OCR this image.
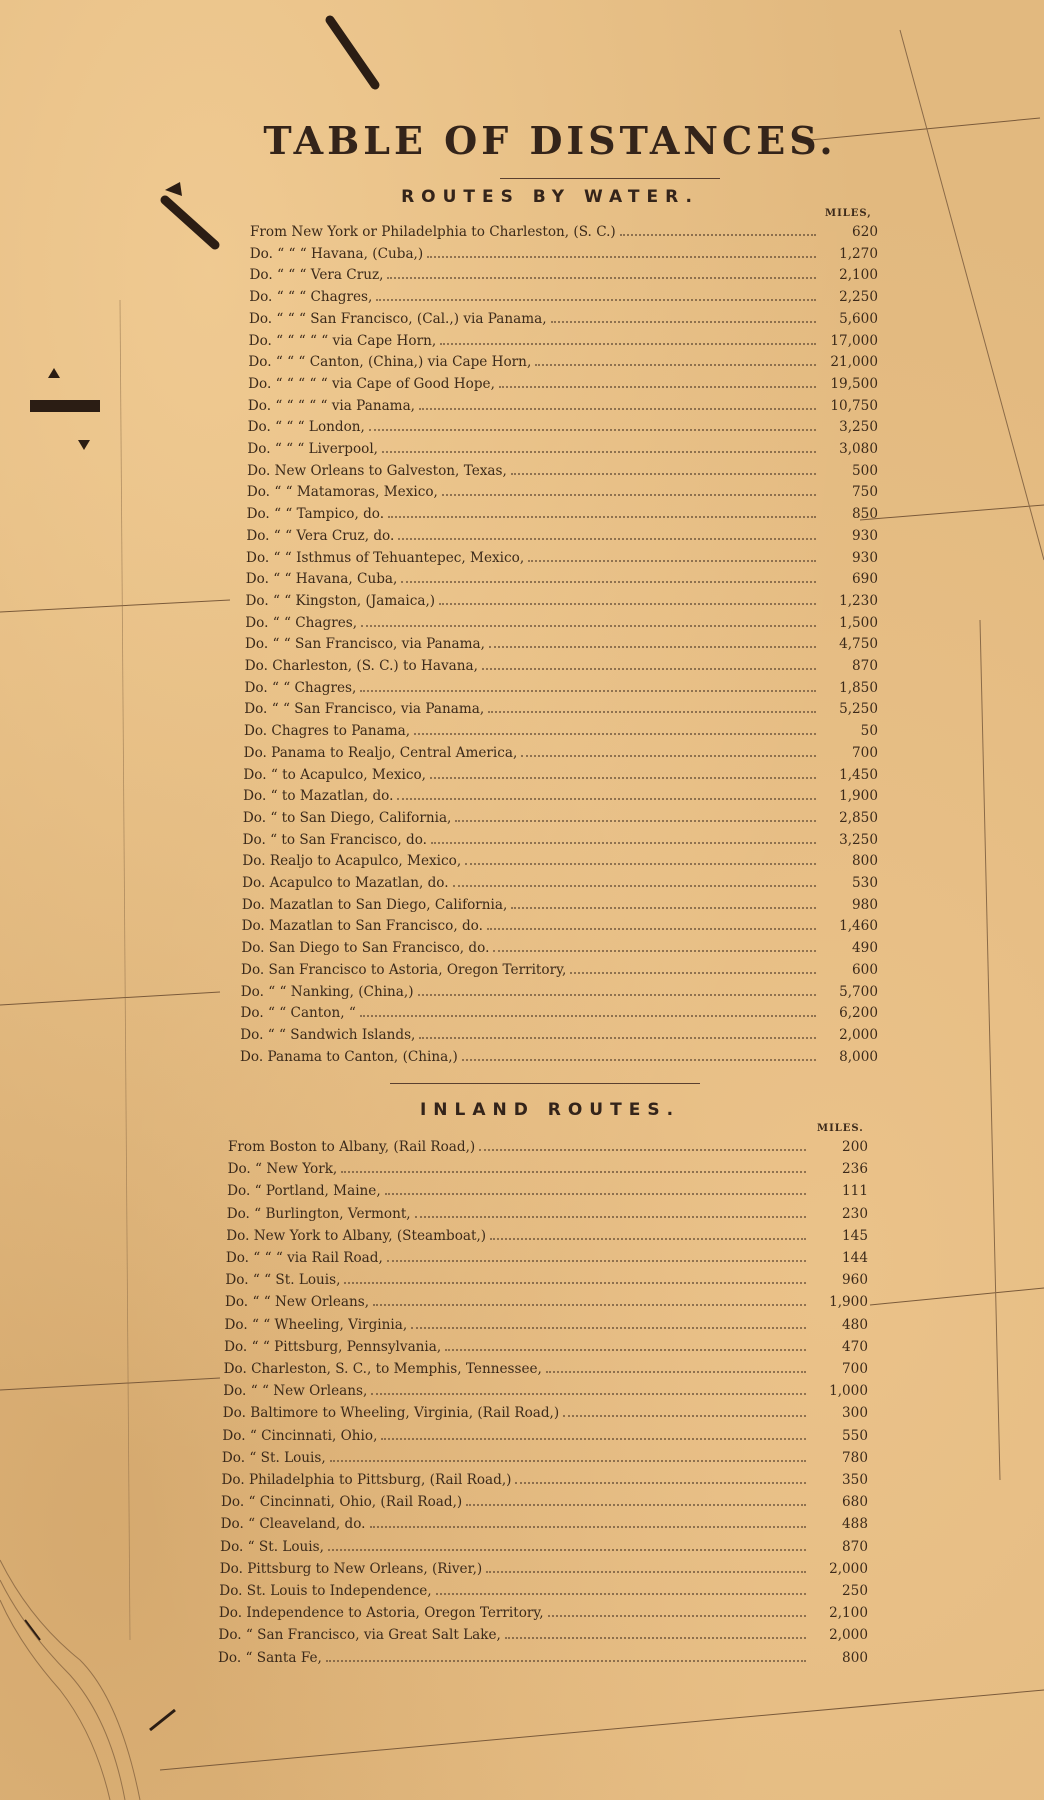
TABLE OF DISTANCES.
ROUTES BY WATER.
MILES,
From New York or Philadelphia to Charleston, (S. C.)	620
Do. “ “ “ Havana, (Cuba,)	1,270
Do. “ “ “ Vera Cruz,	2,100
Do. “ “ “ Chagres,	2,250
Do. “ “ “ San Francisco, (Cal.,) via Panama,	5,600
Do. “ “ “ “ “ via Cape Horn,	17,000
Do. “ “ “ Canton, (China,) via Cape Horn,	21,000
Do. “ “ “ “ “ via Cape of Good Hope,	19,500
Do. “ “ “ “ “ via Panama,	10,750
Do. “ “ “ London,	3,250
Do. “ “ “ Liverpool,	3,080
Do. New Orleans to Galveston, Texas,	500
Do. “ “ Matamoras, Mexico,	750
Do. “ “ Tampico, do.	850
Do. “ “ Vera Cruz, do.	930
Do. “ “ Isthmus of Tehuantepec, Mexico,	930
Do. “ “ Havana, Cuba,	690
Do. “ “ Kingston, (Jamaica,)	1,230
Do. “ “ Chagres,	1,500
Do. “ “ San Francisco, via Panama,	4,750
Do. Charleston, (S. C.) to Havana,	870
Do. “ “ Chagres,	1,850
Do. “ “ San Francisco, via Panama,	5,250
Do. Chagres to Panama,	50
Do. Panama to Realjo, Central America,	700
Do. “ to Acapulco, Mexico,	1,450
Do. “ to Mazatlan, do.	1,900
Do. “ to San Diego, California,	2,850
Do. “ to San Francisco, do.	3,250
Do. Realjo to Acapulco, Mexico,	800
Do. Acapulco to Mazatlan, do.	530
Do. Mazatlan to San Diego, California,	980
Do. Mazatlan to San Francisco, do.	1,460
Do. San Diego to San Francisco, do.	490
Do. San Francisco to Astoria, Oregon Territory,	600
Do. “ “ Nanking, (China,)	5,700
Do. “ “ Canton, “	6,200
Do. “ “ Sandwich Islands,	2,000
Do. Panama to Canton, (China,)	8,000
INLAND ROUTES.
MILES.
From Boston to Albany, (Rail Road,)	200
Do. “ New York,	236
Do. “ Portland, Maine,	111
Do. “ Burlington, Vermont,	230
Do. New York to Albany, (Steamboat,)	145
Do. “ “ “ via Rail Road,	144
Do. “ “ St. Louis,	960
Do. “ “ New Orleans,	1,900
Do. “ “ Wheeling, Virginia,	480
Do. “ “ Pittsburg, Pennsylvania,	470
Do. Charleston, S. C., to Memphis, Tennessee,	700
Do. “ “ New Orleans,	1,000
Do. Baltimore to Wheeling, Virginia, (Rail Road,)	300
Do. “ Cincinnati, Ohio,	550
Do. “ St. Louis,	780
Do. Philadelphia to Pittsburg, (Rail Road,)	350
Do. “ Cincinnati, Ohio, (Rail Road,)	680
Do. “ Cleaveland, do.	488
Do. “ St. Louis,	870
Do. Pittsburg to New Orleans, (River,)	2,000
Do. St. Louis to Independence,	250
Do. Independence to Astoria, Oregon Territory,	2,100
Do. “ San Francisco, via Great Salt Lake,	2,000
Do. “ Santa Fe,	800
